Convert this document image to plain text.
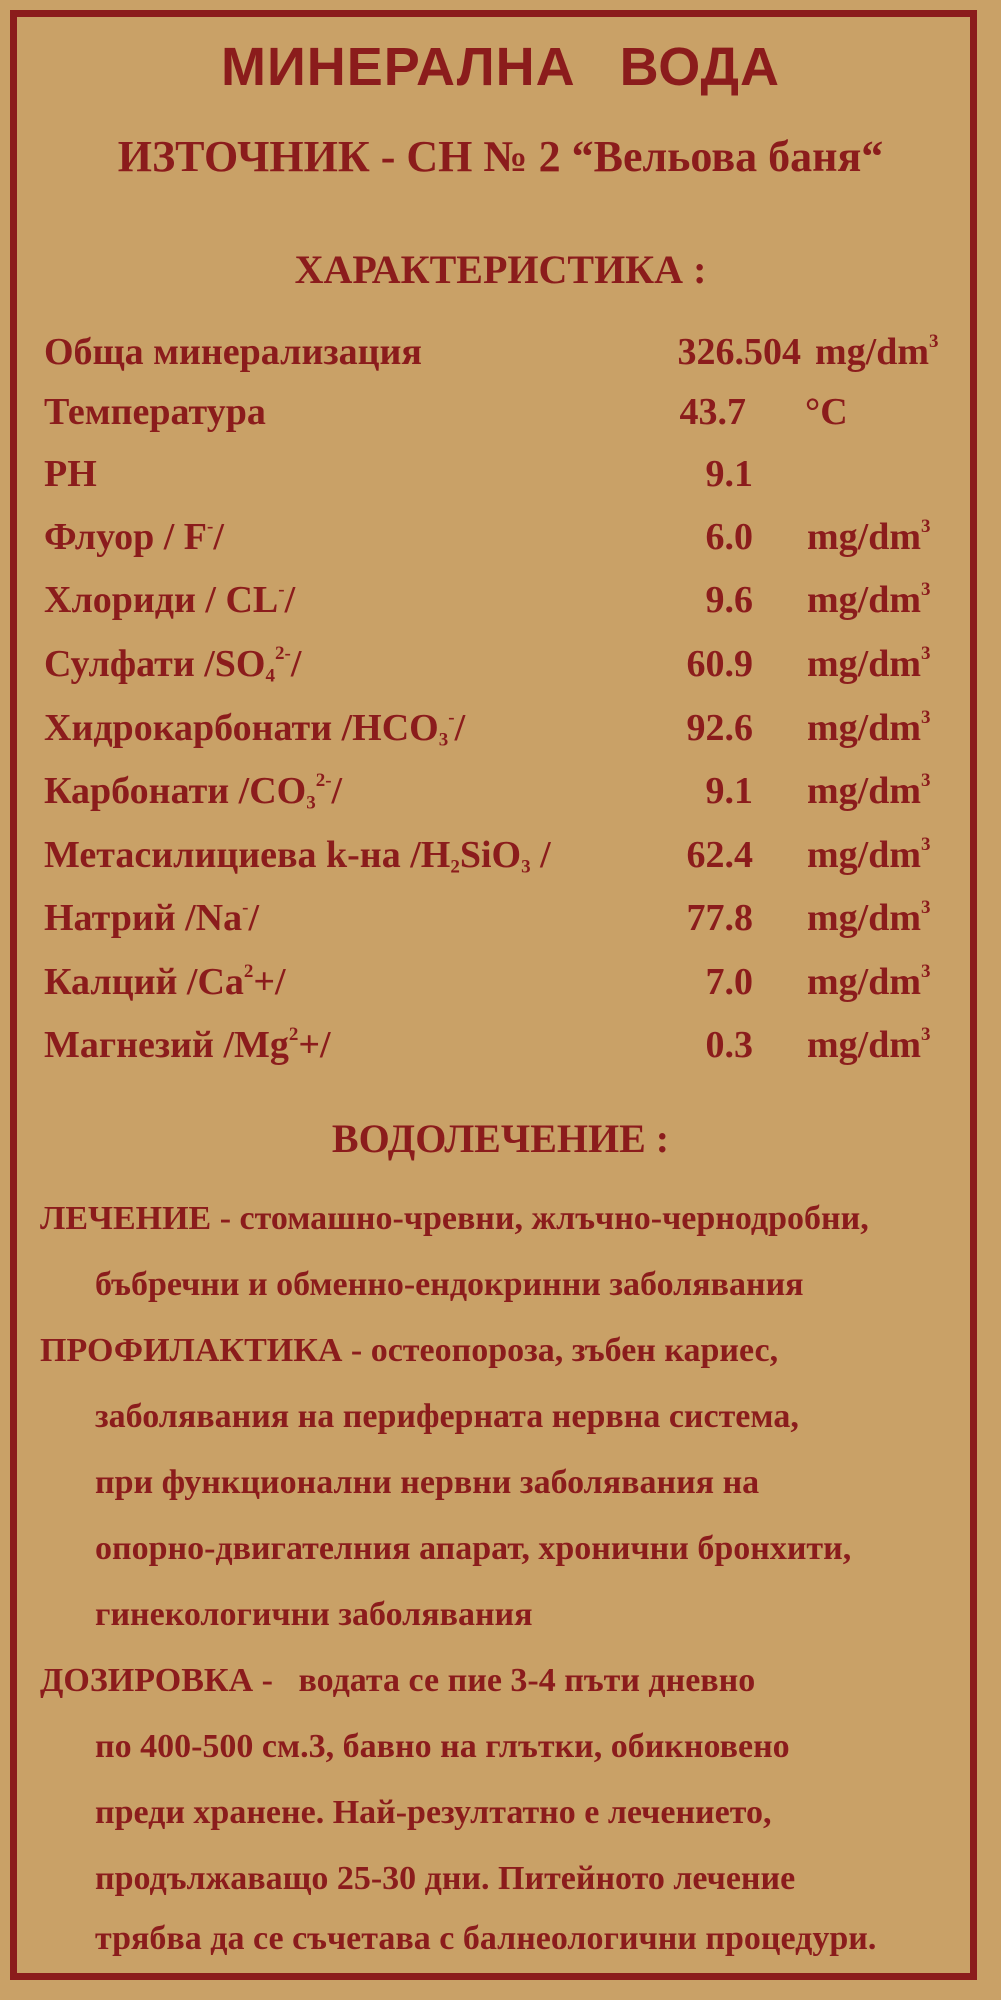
МИНЕРАЛНА ВОДА
ИЗТОЧНИК - СН № 2 “Вельова баня“
ХАРАКТЕРИСТИКА :
Обща минерализация	326.504 $mg/dm^3$
Температура	43.7 °C
PH	9.1
Флуор / F-/	6.0 $mg/dm^3$
Хлориди / CL-/	9.6 $mg/dm^3$
Сулфати $/SO_4^{2-}/$	60.9 $mg/dm^3$
Хидрокарбонати $/HCO_3^-/$	92.6 $mg/dm^3$
Карбонати $/CO_3^{2-}/$	9.1 $mg/dm^3$
Метасилициева k-на $/H_2SiO_3$ /	62.4 $mg/dm^3$
Натрий /Na-/	77.8 $mg/dm^3$
Калций $/Ca^2+/$	7.0 $mg/dm^3$
Магнезий $/Mg^2+/$	0.3 $mg/dm^3$
ВОДОЛЕЧЕНИЕ :
ЛЕЧЕНИЕ - стомашно-чревни, жлъчно-чернодробни,
бъбречни и обменно-ендокринни заболявания
ПРОФИЛАКТИКА - остеопороза, зъбен кариес,
заболявания на периферната нервна система,
при функционални нервни заболявания на
опорно-двигателния апарат, хронични бронхити,
гинекологични заболявания
ДОЗИРОВКА -   водата се пие 3-4 пъти дневно
по 400-500 см.3, бавно на глътки, обикновено
преди хранене. Най-резултатно е лечението,
продължаващо 25-30 дни. Питейното лечение
трябва да се съчетава с балнеологични процедури.
